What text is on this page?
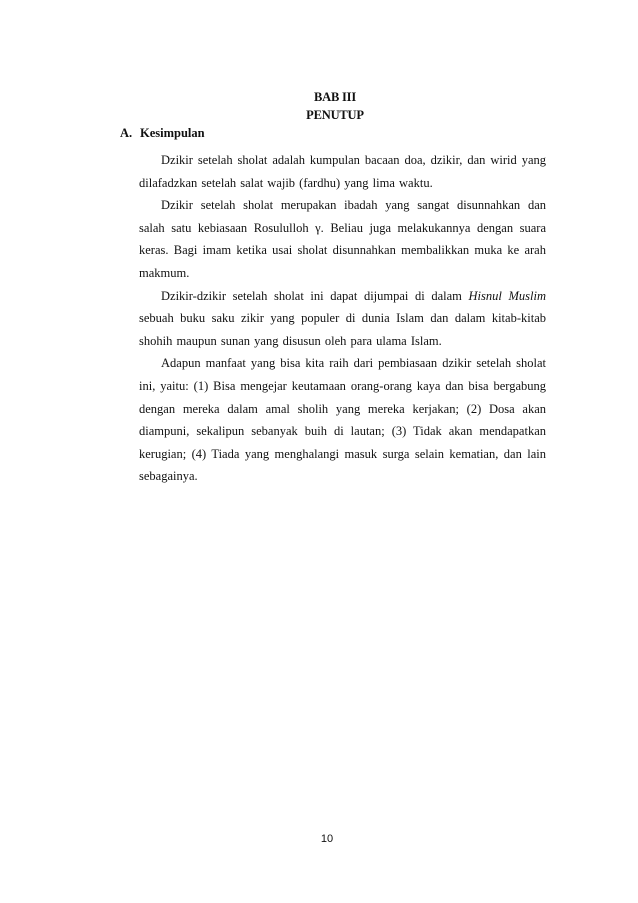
BAB III
PENUTUP
A. Kesimpulan

Dzikir setelah sholat adalah kumpulan bacaan doa, dzikir, dan wirid yang dilafadzkan setelah salat wajib (fardhu) yang lima waktu.

Dzikir setelah sholat merupakan ibadah yang sangat disunnahkan dan salah satu kebiasaan Rosululloh γ. Beliau juga melakukannya dengan suara keras. Bagi imam ketika usai sholat disunnahkan membalikkan muka ke arah makmum.

Dzikir-dzikir setelah sholat ini dapat dijumpai di dalam Hisnul Muslim sebuah buku saku zikir yang populer di dunia Islam dan dalam kitab-kitab shohih maupun sunan yang disusun oleh para ulama Islam.

Adapun manfaat yang bisa kita raih dari pembiasaan dzikir setelah sholat ini, yaitu: (1) Bisa mengejar keutamaan orang-orang kaya dan bisa bergabung dengan mereka dalam amal sholih yang mereka kerjakan; (2) Dosa akan diampuni, sekalipun sebanyak buih di lautan; (3) Tidak akan mendapatkan kerugian; (4) Tiada yang menghalangi masuk surga selain kematian, dan lain sebagainya.

10
